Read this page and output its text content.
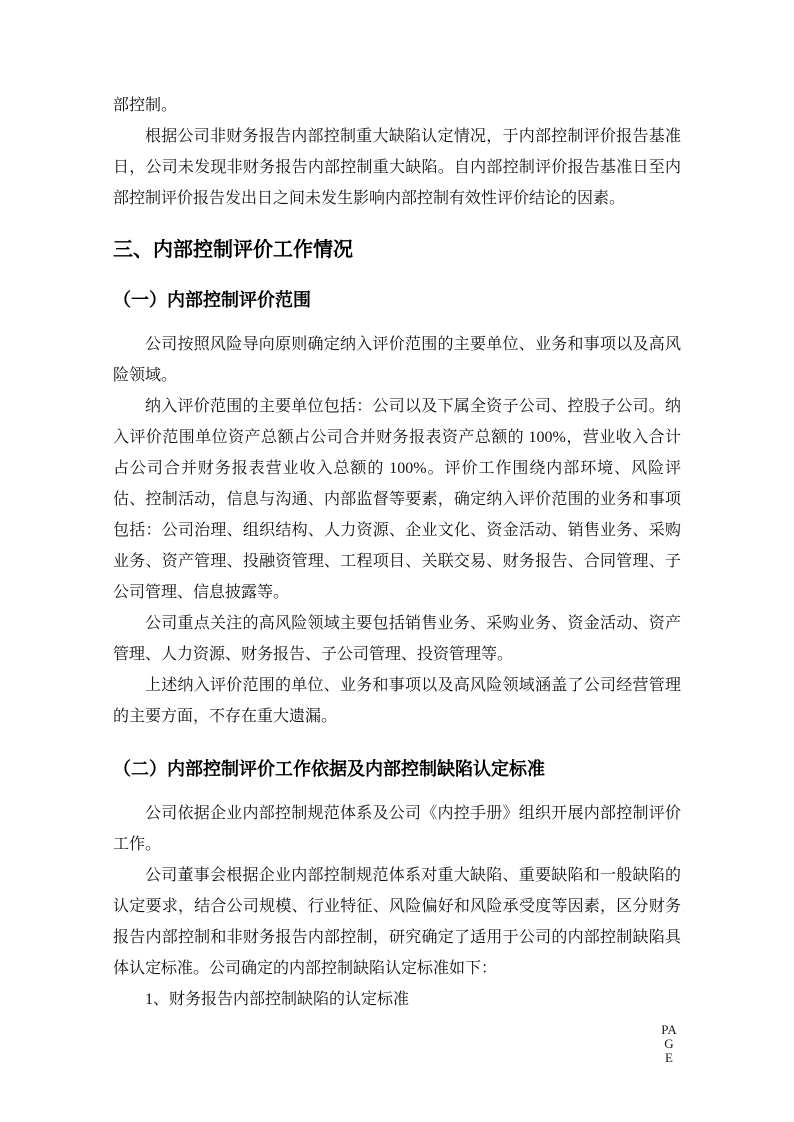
部控制。

根据公司非财务报告内部控制重大缺陷认定情况，于内部控制评价报告基准日，公司未发现非财务报告内部控制重大缺陷。自内部控制评价报告基准日至内部控制评价报告发出日之间未发生影响内部控制有效性评价结论的因素。

三、内部控制评价工作情况
（一）内部控制评价范围

公司按照风险导向原则确定纳入评价范围的主要单位、业务和事项以及高风险领域。

纳入评价范围的主要单位包括：公司以及下属全资子公司、控股子公司。纳入评价范围单位资产总额占公司合并财务报表资产总额的 100%，营业收入合计占公司合并财务报表营业收入总额的 100%。评价工作围绕内部环境、风险评估、控制活动，信息与沟通、内部监督等要素，确定纳入评价范围的业务和事项包括：公司治理、组织结构、人力资源、企业文化、资金活动、销售业务、采购业务、资产管理、投融资管理、工程项目、关联交易、财务报告、合同管理、子公司管理、信息披露等。

公司重点关注的高风险领域主要包括销售业务、采购业务、资金活动、资产管理、人力资源、财务报告、子公司管理、投资管理等。

上述纳入评价范围的单位、业务和事项以及高风险领域涵盖了公司经营管理的主要方面，不存在重大遗漏。

（二）内部控制评价工作依据及内部控制缺陷认定标准

公司依据企业内部控制规范体系及公司《内控手册》组织开展内部控制评价工作。

公司董事会根据企业内部控制规范体系对重大缺陷、重要缺陷和一般缺陷的认定要求，结合公司规模、行业特征、风险偏好和风险承受度等因素，区分财务报告内部控制和非财务报告内部控制，研究确定了适用于公司的内部控制缺陷具体认定标准。公司确定的内部控制缺陷认定标准如下：

1、财务报告内部控制缺陷的认定标准

PAGE
